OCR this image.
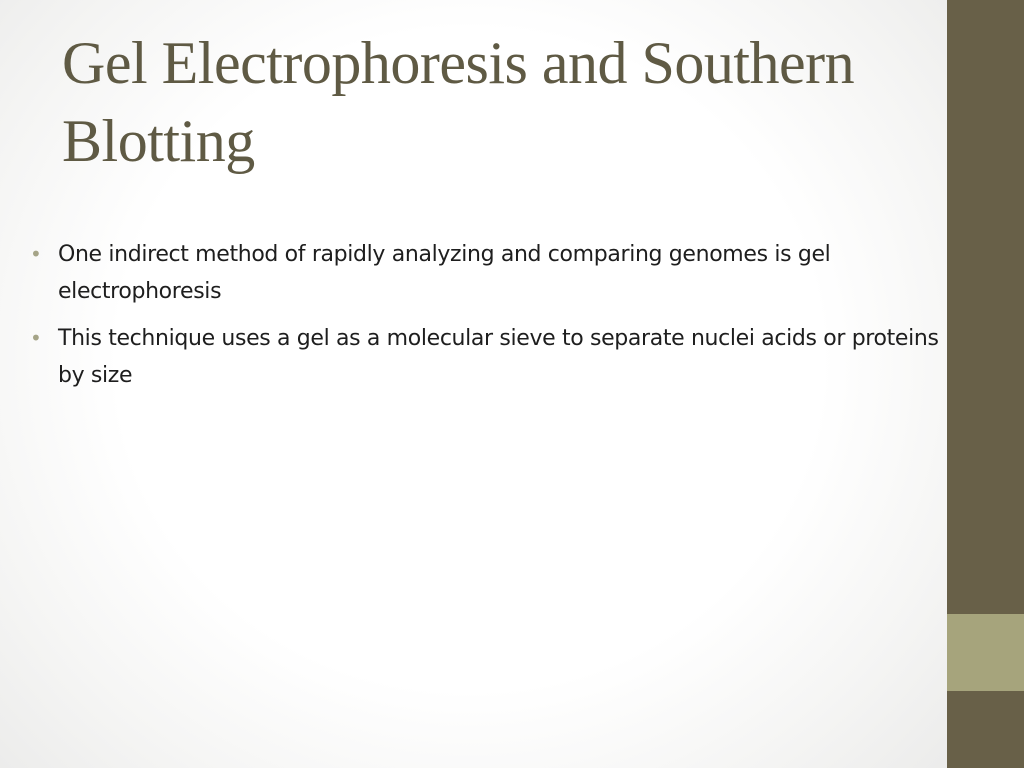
Gel Electrophoresis and Southern Blotting
• One indirect method of rapidly analyzing and comparing genomes is gel electrophoresis
• This technique uses a gel as a molecular sieve to separate nuclei acids or proteins by size
